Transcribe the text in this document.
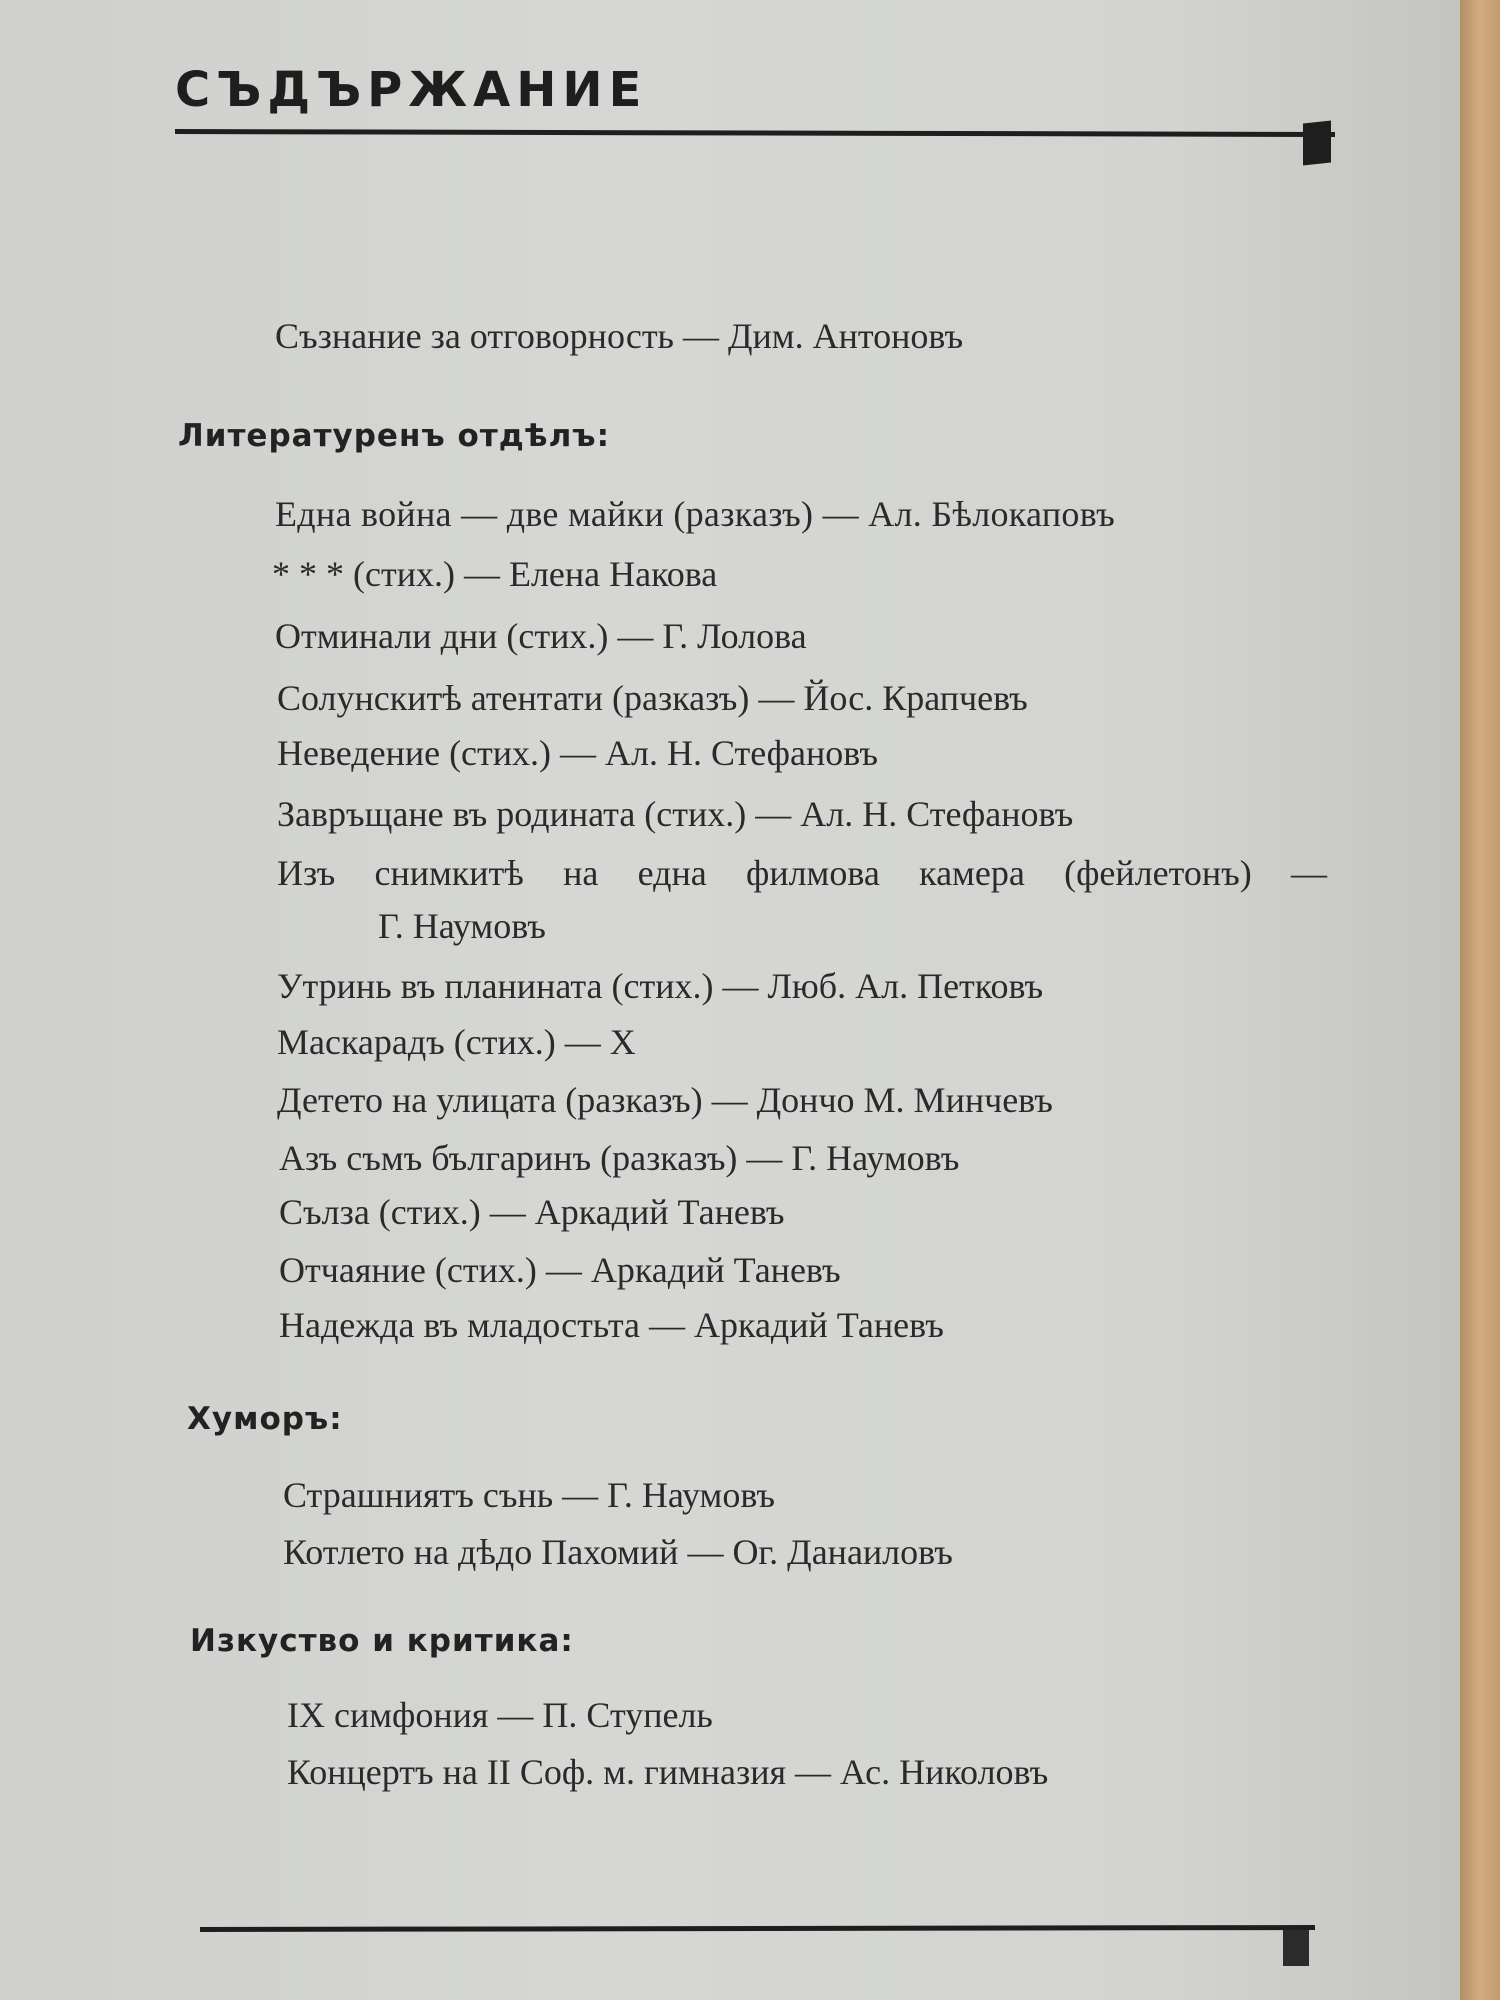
СЪДЪРЖАНИЕ
Съзнание за отговорность — Дим. Антоновъ
Литературенъ отдѣлъ:
Една война — две майки (разказъ) — Ал. Бѣлокаповъ
* * * (стих.) — Елена Накова
Отминали дни (стих.) — Г. Лолова
Солунскитѣ атентати (разказъ) — Йос. Крапчевъ
Неведение (стих.) — Ал. Н. Стефановъ
Завръщане въ родината (стих.) — Ал. Н. Стефановъ
Изъ снимкитѣ на една филмова камера (фейлетонъ) —
Г. Наумовъ
Утринь въ планината (стих.) — Люб. Ал. Петковъ
Маскарадъ (стих.) — X
Детето на улицата (разказъ) — Дончо М. Минчевъ
Азъ съмъ българинъ (разказъ) — Г. Наумовъ
Сълза (стих.) — Аркадий Таневъ
Отчаяние (стих.) — Аркадий Таневъ
Надежда въ младостьта — Аркадий Таневъ
Хуморъ:
Страшниятъ сънь — Г. Наумовъ
Котлето на дѣдо Пахомий — Ог. Данаиловъ
Изкуство и критика:
IX симфония — П. Ступель
Концертъ на II Соф. м. гимназия — Ас. Николовъ
